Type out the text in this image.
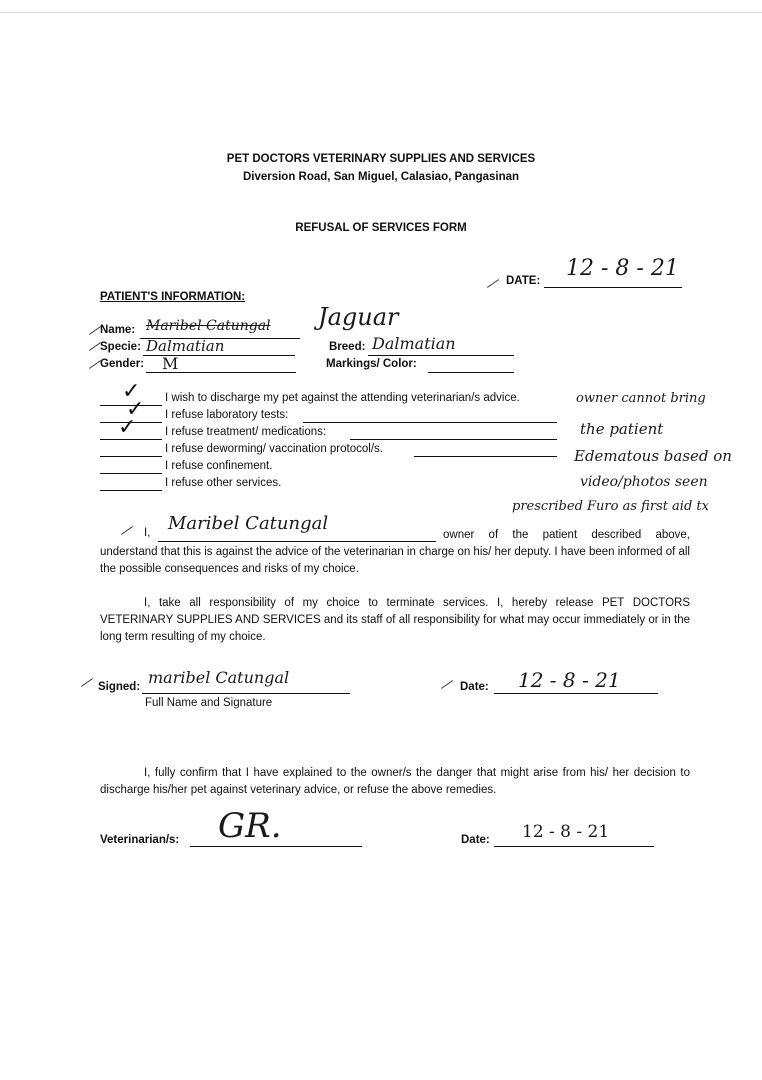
PET DOCTORS VETERINARY SUPPLIES AND SERVICES
Diversion Road, San Miguel, Calasiao, Pangasinan
REFUSAL OF SERVICES FORM
DATE: 12 - 8 - 21
PATIENT'S INFORMATION:
Name: Maribel Catungal Jaguar
Specie: Dalmatian	Breed: Dalmatian
Gender: M	Markings/ Color:
✓ I wish to discharge my pet against the attending veterinarian/s advice.
✓ I refuse laboratory tests:
✓ I refuse treatment/ medications:
I refuse deworming/ vaccination protocol/s.
I refuse confinement.
I refuse other services.
owner cannot bring
the patient
Edematous based on
video/photos seen
prescribed Furo as first aid tx
I, Maribel Catungal
owner of the patient described above, understand that this is against the advice of the veterinarian in charge on his/ her deputy. I have been informed of all the possible consequences and risks of my choice.
I, take all responsibility of my choice to terminate services. I, hereby release PET DOCTORS VETERINARY SUPPLIES AND SERVICES and its staff of all responsibility for what may occur immediately or in the long term resulting of my choice.
Signed: maribel Catungal
Full Name and Signature
Date: 12 - 8 - 21
I, fully confirm that I have explained to the owner/s the danger that might arise from his/ her decision to discharge his/her pet against veterinary advice, or refuse the above remedies.
Veterinarian/s: GR.	Date: 12 - 8 - 21
